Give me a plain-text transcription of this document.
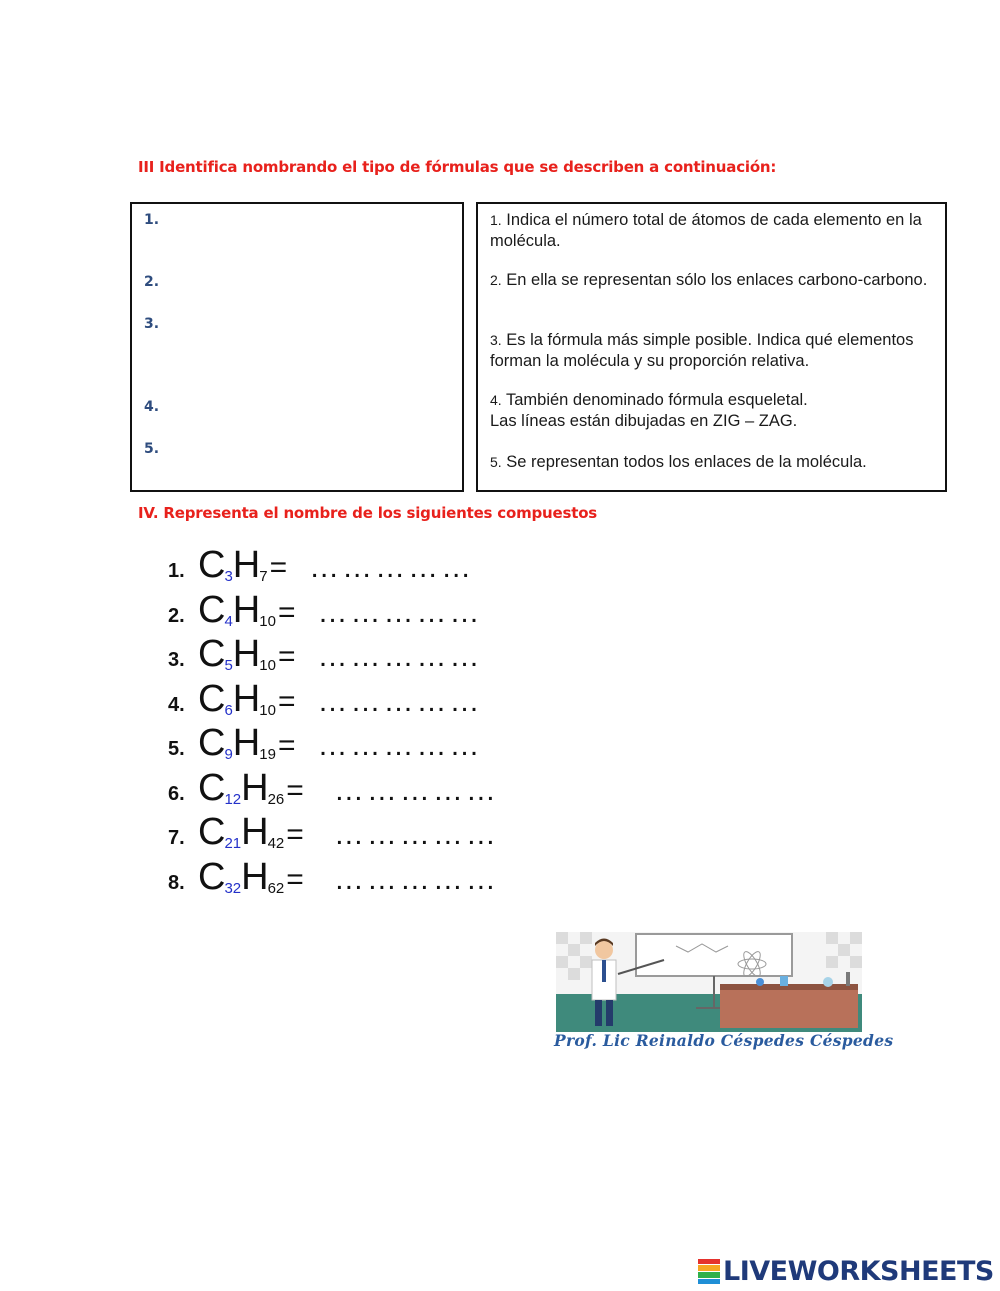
III Identifica nombrando el tipo de fórmulas que se describen a continuación:
1.
2.
3.
4.
5.
1. Indica el número total de átomos de cada elemento en la molécula.
2. En ella se representan sólo los enlaces carbono-carbono.
3. Es la fórmula más simple posible. Indica qué elementos forman la molécula y su proporción relativa.
4. También denominado fórmula esqueletal.
Las líneas están dibujadas en ZIG – ZAG.
5. Se representan todos los enlaces de la molécula.
IV. Representa el nombre de los siguientes compuestos
1. C 3 H 7 = ……………
2. C 4 H 10 = ……………
3. C 5 H 10 = ……………
4. C 6 H 10 = ……………
5. C 9 H 19 = ……………
6. C 12 H 26 = ……………
7. C 21 H 42 = ……………
8. C 32 H 62 = ……………
Prof. Lic Reinaldo Céspedes Céspedes
LIVEWORKSHEETS
